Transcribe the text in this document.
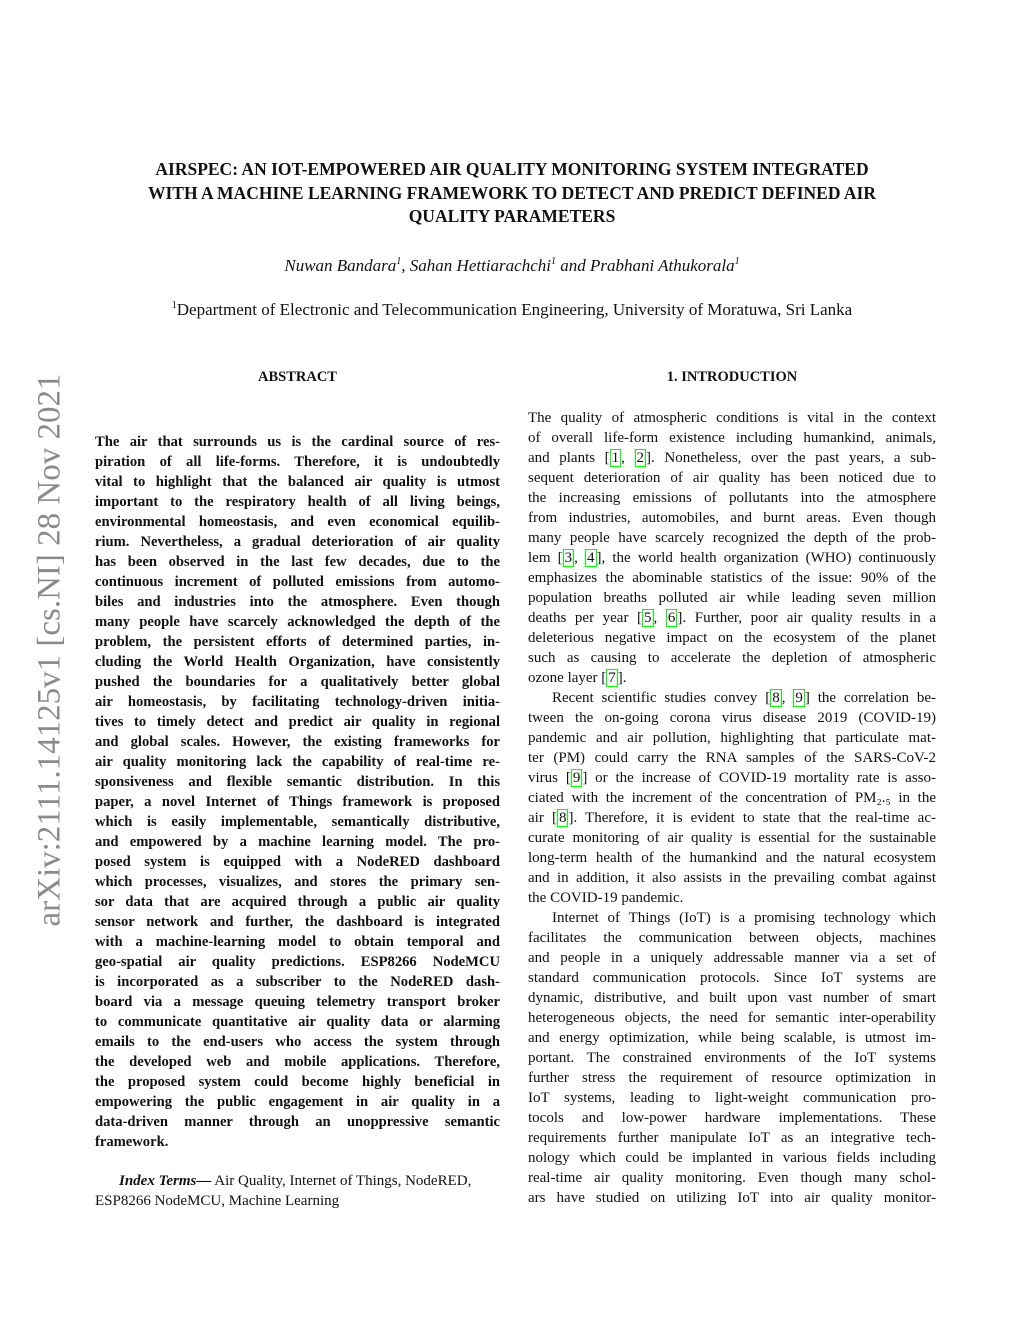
arXiv:2111.14125v1 [cs.NI] 28 Nov 2021
AIRSPEC: AN IOT-EMPOWERED AIR QUALITY MONITORING SYSTEM INTEGRATED
WITH A MACHINE LEARNING FRAMEWORK TO DETECT AND PREDICT DEFINED AIR
QUALITY PARAMETERS
Nuwan Bandara$^1$, Sahan Hettiarachchi$^1$ and Prabhani Athukorala$^1$
$^1$Department of Electronic and Telecommunication Engineering, University of Moratuwa, Sri Lanka
ABSTRACT	1. INTRODUCTION
The air that surrounds us is the cardinal source of res-
piration of all life-forms. Therefore, it is undoubtedly
vital to highlight that the balanced air quality is utmost
important to the respiratory health of all living beings,
environmental homeostasis, and even economical equilib-
rium. Nevertheless, a gradual deterioration of air quality
has been observed in the last few decades, due to the
continuous increment of polluted emissions from automo-
biles and industries into the atmosphere. Even though
many people have scarcely acknowledged the depth of the
problem, the persistent efforts of determined parties, in-
cluding the World Health Organization, have consistently
pushed the boundaries for a qualitatively better global
air homeostasis, by facilitating technology-driven initia-
tives to timely detect and predict air quality in regional
and global scales. However, the existing frameworks for
air quality monitoring lack the capability of real-time re-
sponsiveness and flexible semantic distribution. In this
paper, a novel Internet of Things framework is proposed
which is easily implementable, semantically distributive,
and empowered by a machine learning model. The pro-
posed system is equipped with a NodeRED dashboard
which processes, visualizes, and stores the primary sen-
sor data that are acquired through a public air quality
sensor network and further, the dashboard is integrated
with a machine-learning model to obtain temporal and
geo-spatial air quality predictions. ESP8266 NodeMCU
is incorporated as a subscriber to the NodeRED dash-
board via a message queuing telemetry transport broker
to communicate quantitative air quality data or alarming
emails to the end-users who access the system through
the developed web and mobile applications. Therefore,
the proposed system could become highly beneficial in
empowering the public engagement in air quality in a
data-driven manner through an unoppressive semantic
framework.
The quality of atmospheric conditions is vital in the context
of overall life-form existence including humankind, animals,
and plants [ 1 , 2 ]. Nonetheless, over the past years, a sub-
sequent deterioration of air quality has been noticed due to
the increasing emissions of pollutants into the atmosphere
from industries, automobiles, and burnt areas. Even though
many people have scarcely recognized the depth of the prob-
lem [ 3 , 4 ], the world health organization (WHO) continuously
emphasizes the abominable statistics of the issue: 90% of the
population breaths polluted air while leading seven million
deaths per year [ 5 , 6 ]. Further, poor air quality results in a
deleterious negative impact on the ecosystem of the planet
such as causing to accelerate the depletion of atmospheric
ozone layer [ 7 ].
Recent scientific studies convey [ 8 , 9 ] the correlation be-
tween the on-going corona virus disease 2019 (COVID-19)
pandemic and air pollution, highlighting that particulate mat-
ter (PM) could carry the RNA samples of the SARS-CoV-2
virus [ 9 ] or the increase of COVID-19 mortality rate is asso-
ciated with the increment of the concentration of PM₂.₅ in the
air [ 8 ]. Therefore, it is evident to state that the real-time ac-
curate monitoring of air quality is essential for the sustainable
long-term health of the humankind and the natural ecosystem
and in addition, it also assists in the prevailing combat against
the COVID-19 pandemic.
Internet of Things (IoT) is a promising technology which
facilitates the communication between objects, machines
and people in a uniquely addressable manner via a set of
standard communication protocols. Since IoT systems are
dynamic, distributive, and built upon vast number of smart
heterogeneous objects, the need for semantic inter-operability
and energy optimization, while being scalable, is utmost im-
portant. The constrained environments of the IoT systems
further stress the requirement of resource optimization in
IoT systems, leading to light-weight communication pro-
tocols and low-power hardware implementations. These
requirements further manipulate IoT as an integrative tech-
nology which could be implanted in various fields including
real-time air quality monitoring. Even though many schol-
ars have studied on utilizing IoT into air quality monitor-
Index Terms— Air Quality, Internet of Things, NodeRED,
ESP8266 NodeMCU, Machine Learning
